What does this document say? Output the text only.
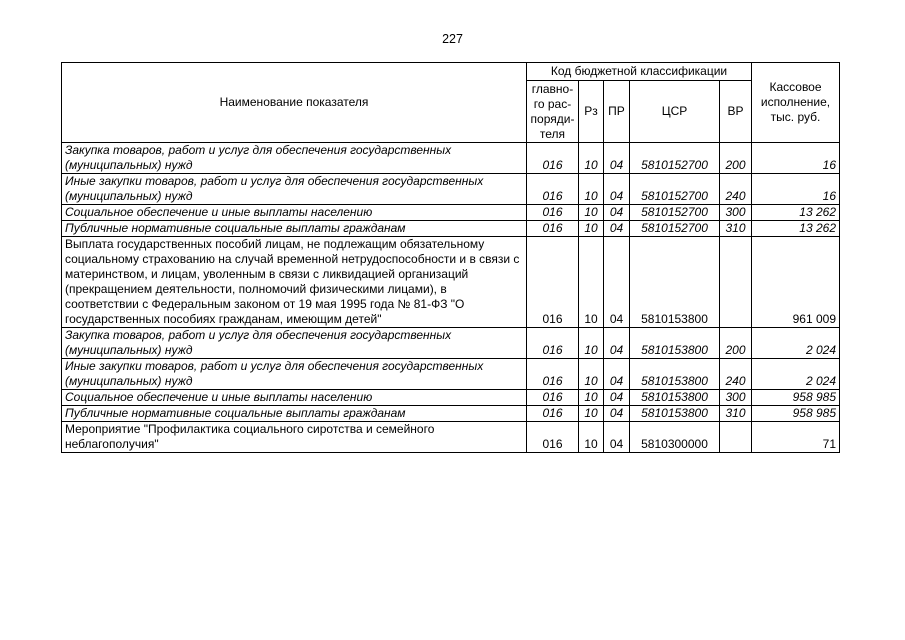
227
Наименование показателя	Код бюджетной классификации					Кассовое исполнение, тыс. руб.
	главно-го рас-поряди-теля	Рз	ПР	ЦСР	ВР	
Закупка товаров, работ и услуг для обеспечения государственных (муниципальных) нужд	016	10	04	5810152700	200	16
Иные закупки товаров, работ и услуг для обеспечения государственных (муниципальных) нужд	016	10	04	5810152700	240	16
Социальное обеспечение и иные выплаты населению	016	10	04	5810152700	300	13 262
Публичные нормативные социальные выплаты гражданам	016	10	04	5810152700	310	13 262
Выплата государственных пособий лицам, не подлежащим обязательному социальному страхованию на случай временной нетрудоспособности и в связи с материнством, и лицам, уволенным в связи с ликвидацией организаций (прекращением деятельности, полномочий физическими лицами), в соответствии с Федеральным законом от 19 мая 1995 года № 81-ФЗ "О государственных пособиях гражданам, имеющим детей"	016	10	04	5810153800		961 009
Закупка товаров, работ и услуг для обеспечения государственных (муниципальных) нужд	016	10	04	5810153800	200	2 024
Иные закупки товаров, работ и услуг для обеспечения государственных (муниципальных) нужд	016	10	04	5810153800	240	2 024
Социальное обеспечение и иные выплаты населению	016	10	04	5810153800	300	958 985
Публичные нормативные социальные выплаты гражданам	016	10	04	5810153800	310	958 985
Мероприятие "Профилактика социального сиротства и семейного неблагополучия"	016	10	04	5810300000		71
